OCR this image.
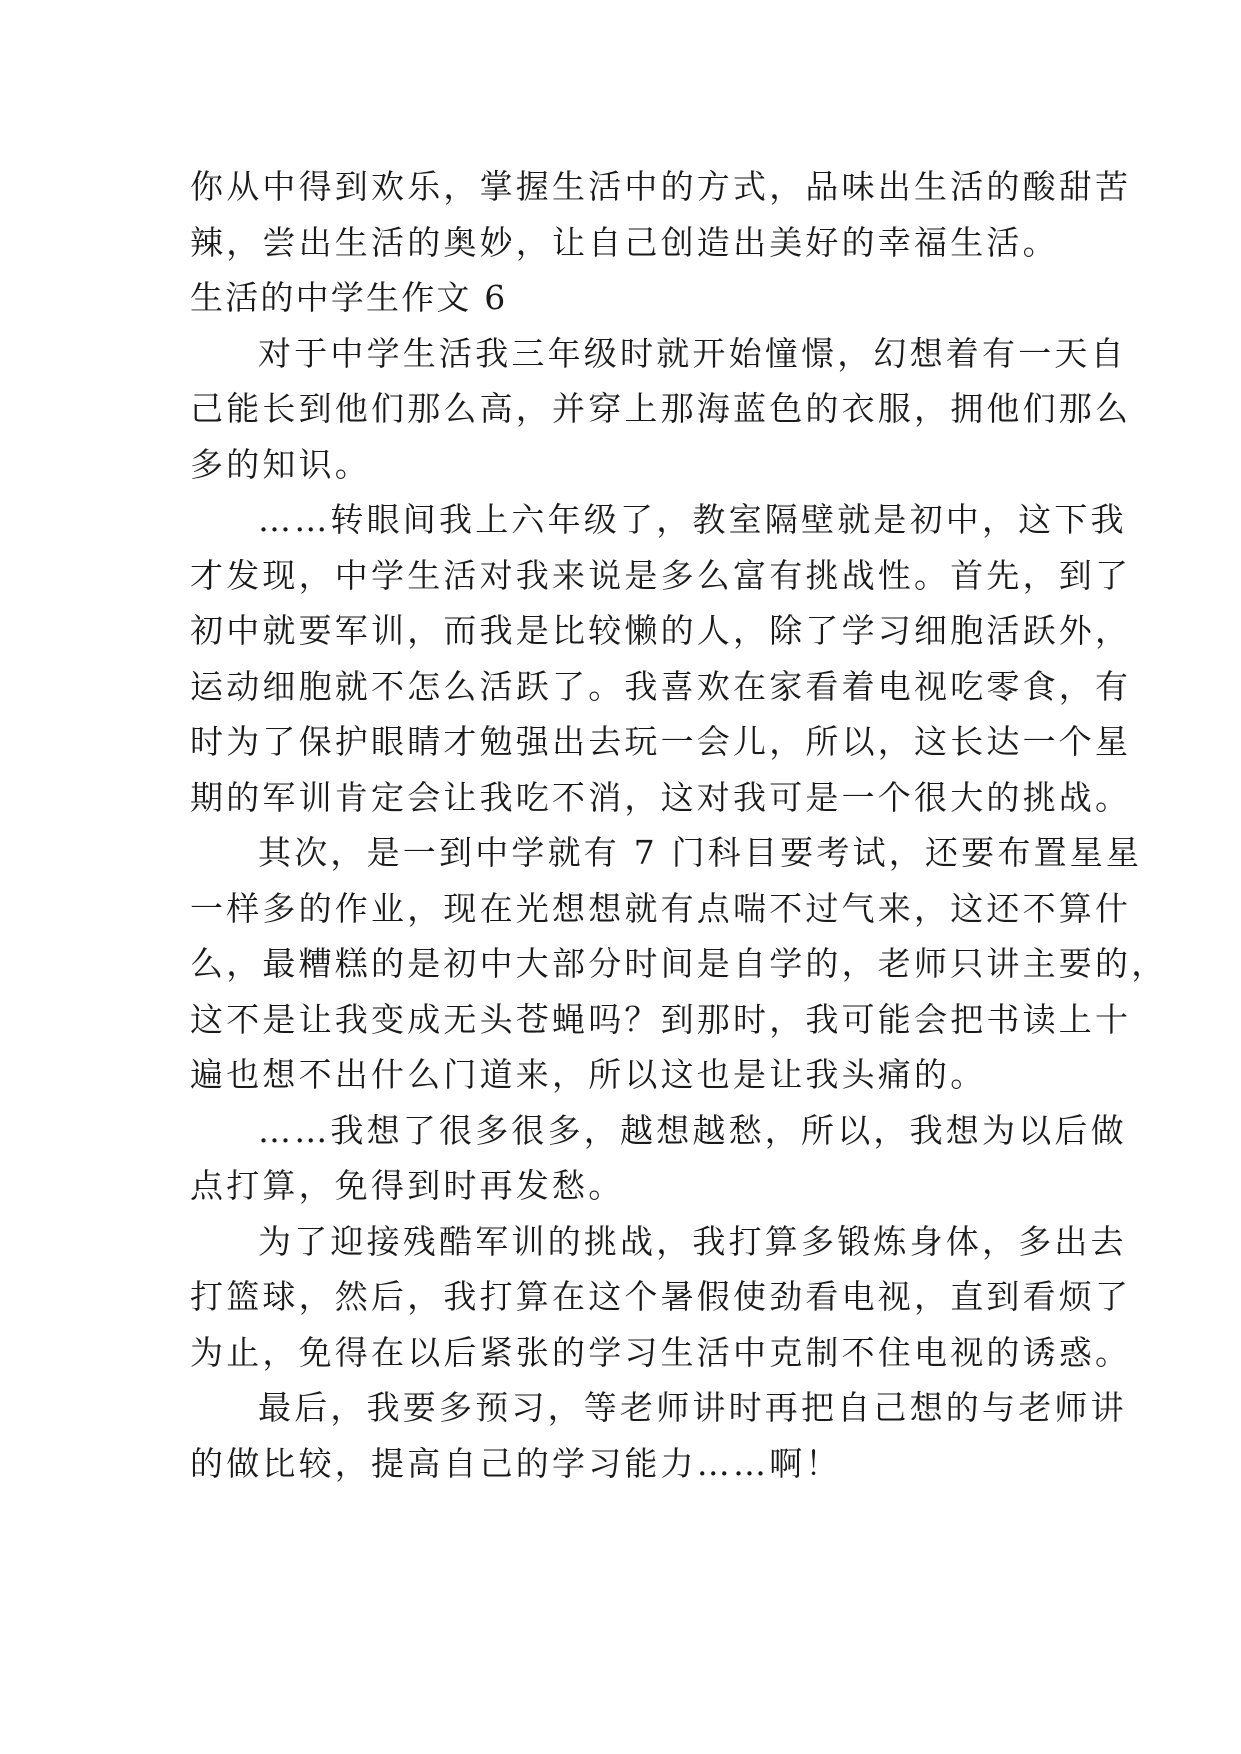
你从中得到欢乐，掌握生活中的方式，品味出生活的酸甜苦
辣，尝出生活的奥妙，让自己创造出美好的幸福生活。
生活的中学生作文 6
对于中学生活我三年级时就开始憧憬，幻想着有一天自
己能长到他们那么高，并穿上那海蓝色的衣服，拥他们那么
多的知识。
……转眼间我上六年级了，教室隔壁就是初中，这下我
才发现，中学生活对我来说是多么富有挑战性。首先，到了
初中就要军训，而我是比较懒的人，除了学习细胞活跃外，
运动细胞就不怎么活跃了。我喜欢在家看着电视吃零食，有
时为了保护眼睛才勉强出去玩一会儿，所以，这长达一个星
期的军训肯定会让我吃不消，这对我可是一个很大的挑战。
其次，是一到中学就有 7 门科目要考试，还要布置星星
一样多的作业，现在光想想就有点喘不过气来，这还不算什
么，最糟糕的是初中大部分时间是自学的，老师只讲主要的，
这不是让我变成无头苍蝇吗？到那时，我可能会把书读上十
遍也想不出什么门道来，所以这也是让我头痛的。
……我想了很多很多，越想越愁，所以，我想为以后做
点打算，免得到时再发愁。
为了迎接残酷军训的挑战，我打算多锻炼身体，多出去
打篮球，然后，我打算在这个暑假使劲看电视，直到看烦了
为止，免得在以后紧张的学习生活中克制不住电视的诱惑。
最后，我要多预习，等老师讲时再把自己想的与老师讲
的做比较，提高自己的学习能力……啊！
